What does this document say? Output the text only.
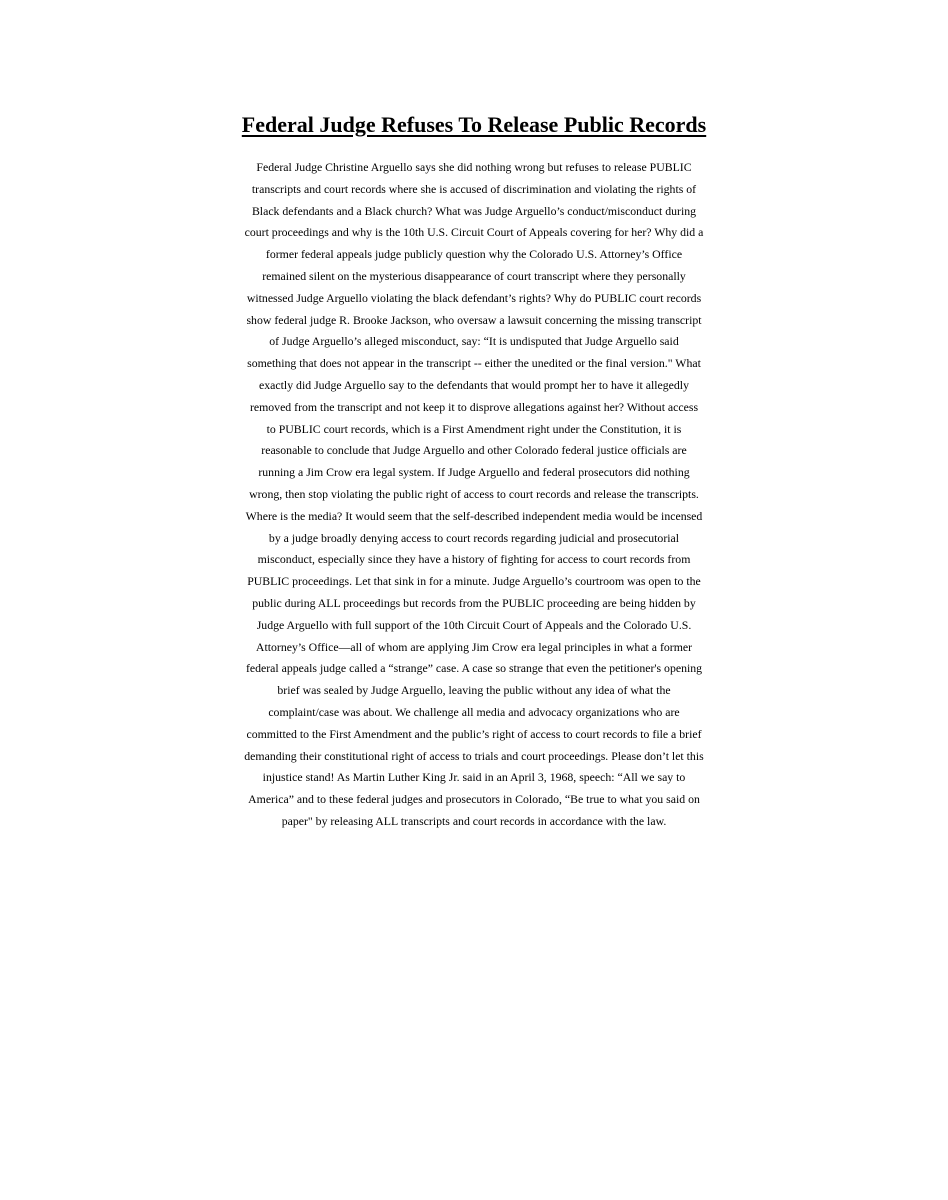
Federal Judge Refuses To Release Public Records
Federal Judge Christine Arguello says she did nothing wrong but refuses to release PUBLIC
transcripts and court records where she is accused of discrimination and violating the rights of
Black defendants and a Black church? What was Judge Arguello’s conduct/misconduct during
court proceedings and why is the 10th U.S. Circuit Court of Appeals covering for her? Why did a
former federal appeals judge publicly question why the Colorado U.S. Attorney’s Office
remained silent on the mysterious disappearance of court transcript where they personally
witnessed Judge Arguello violating the black defendant’s rights? Why do PUBLIC court records
show federal judge R. Brooke Jackson, who oversaw a lawsuit concerning the missing transcript
of Judge Arguello’s alleged misconduct, say: “It is undisputed that Judge Arguello said
something that does not appear in the transcript -- either the unedited or the final version." What
exactly did Judge Arguello say to the defendants that would prompt her to have it allegedly
removed from the transcript and not keep it to disprove allegations against her? Without access
to PUBLIC court records, which is a First Amendment right under the Constitution, it is
reasonable to conclude that Judge Arguello and other Colorado federal justice officials are
running a Jim Crow era legal system. If Judge Arguello and federal prosecutors did nothing
wrong, then stop violating the public right of access to court records and release the transcripts.
Where is the media? It would seem that the self-described independent media would be incensed
by a judge broadly denying access to court records regarding judicial and prosecutorial
misconduct, especially since they have a history of fighting for access to court records from
PUBLIC proceedings. Let that sink in for a minute. Judge Arguello’s courtroom was open to the
public during ALL proceedings but records from the PUBLIC proceeding are being hidden by
Judge Arguello with full support of the 10th Circuit Court of Appeals and the Colorado U.S.
Attorney’s Office—all of whom are applying Jim Crow era legal principles in what a former
federal appeals judge called a “strange” case. A case so strange that even the petitioner's opening
brief was sealed by Judge Arguello, leaving the public without any idea of what the
complaint/case was about. We challenge all media and advocacy organizations who are
committed to the First Amendment and the public’s right of access to court records to file a brief
demanding their constitutional right of access to trials and court proceedings. Please don’t let this
injustice stand! As Martin Luther King Jr. said in an April 3, 1968, speech: “All we say to
America” and to these federal judges and prosecutors in Colorado, “Be true to what you said on
paper" by releasing ALL transcripts and court records in accordance with the law.
